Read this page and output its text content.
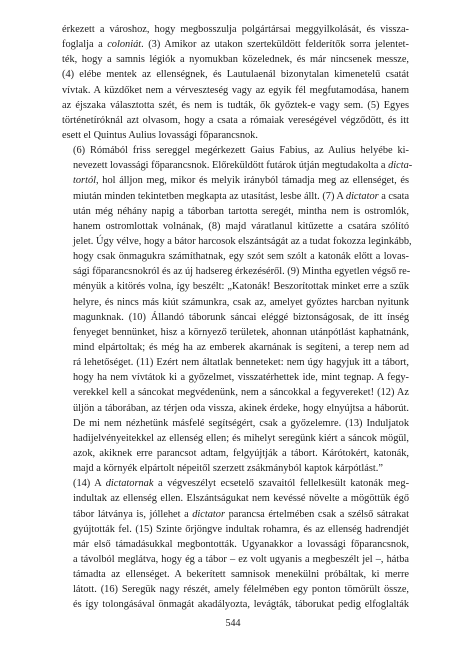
érkezett a városhoz, hogy megbosszulja polgártársai meggyilkolását, és vissza-
foglalja a coloniát. (3) Amikor az utakon szerteküldött felderítők sorra jelentet-
ték, hogy a samnis légiók a nyomukban közelednek, és már nincsenek messze,
(4) elébe mentek az ellenségnek, és Lautulaenál bizonytalan kimenetelű csatát
vívtak. A küzdőket nem a vérveszteség vagy az egyik fél megfutamodása, hanem
az éjszaka választotta szét, és nem is tudták, ők győztek-e vagy sem. (5) Egyes
történetíróknál azt olvasom, hogy a csata a rómaiak vereségével végződött, és itt
esett el Quintus Aulius lovassági főparancsnok.
(6) Rómából friss sereggel megérkezett Gaius Fabius, az Aulius helyébe ki-
nevezett lovassági főparancsnok. Előreküldött futárok útján megtudakolta a dicta-
tortól, hol álljon meg, mikor és melyik irányból támadja meg az ellenséget, és
miután minden tekintetben megkapta az utasítást, lesbe állt. (7) A dictator a csata
után még néhány napig a táborban tartotta seregét, mintha nem is ostromlók,
hanem ostromlottak volnának, (8) majd váratlanul kitűzette a csatára szólító
jelet. Úgy vélve, hogy a bátor harcosok elszántságát az a tudat fokozza leginkább,
hogy csak önmagukra számíthatnak, egy szót sem szólt a katonák előtt a lovas-
sági főparancsnokról és az új hadsereg érkezéséről. (9) Mintha egyetlen végső re-
ményük a kitörés volna, így beszélt: „Katonák! Beszorítottak minket erre a szűk
helyre, és nincs más kiút számunkra, csak az, amelyet győztes harcban nyitunk
magunknak. (10) Állandó táborunk sáncai eléggé biztonságosak, de itt ínség
fenyeget bennünket, hisz a környező területek, ahonnan utánpótlást kaphatnánk,
mind elpártoltak; és még ha az emberek akarnának is segíteni, a terep nem ad
rá lehetőséget. (11) Ezért nem áltatlak benneteket: nem úgy hagyjuk itt a tábort,
hogy ha nem vívtátok ki a győzelmet, visszatérhettek ide, mint tegnap. A fegy-
verekkel kell a sáncokat megvédenünk, nem a sáncokkal a fegyvereket! (12) Az
üljön a táborában, az térjen oda vissza, akinek érdeke, hogy elnyújtsa a háborút.
De mi nem nézhetünk másfelé segítségért, csak a győzelemre. (13) Induljatok
hadijelvényeitekkel az ellenség ellen; és mihelyt seregünk kiért a sáncok mögül,
azok, akiknek erre parancsot adtam, felgyújtják a tábort. Kárótokért, katonák,
majd a környék elpártolt népeitől szerzett zsákmányból kaptok kárpótlást.”
(14) A dictatornak a végveszélyt ecsetelő szavaitól fellelkesült katonák meg-
indultak az ellenség ellen. Elszántságukat nem kevéssé növelte a mögöttük égő
tábor látványa is, jóllehet a dictator parancsa értelmében csak a szélső sátrakat
gyújtották fel. (15) Szinte őrjöngve indultak rohamra, és az ellenség hadrendjét
már első támadásukkal megbontották. Ugyanakkor a lovassági főparancsnok,
a távolból meglátva, hogy ég a tábor – ez volt ugyanis a megbeszélt jel –, hátba
támadta az ellenséget. A bekerített samnisok menekülni próbáltak, ki merre
látott. (16) Seregük nagy részét, amely félelmében egy ponton tömörült össze,
és így tolongásával önmagát akadályozta, levágták, táborukat pedig elfoglalták
544
